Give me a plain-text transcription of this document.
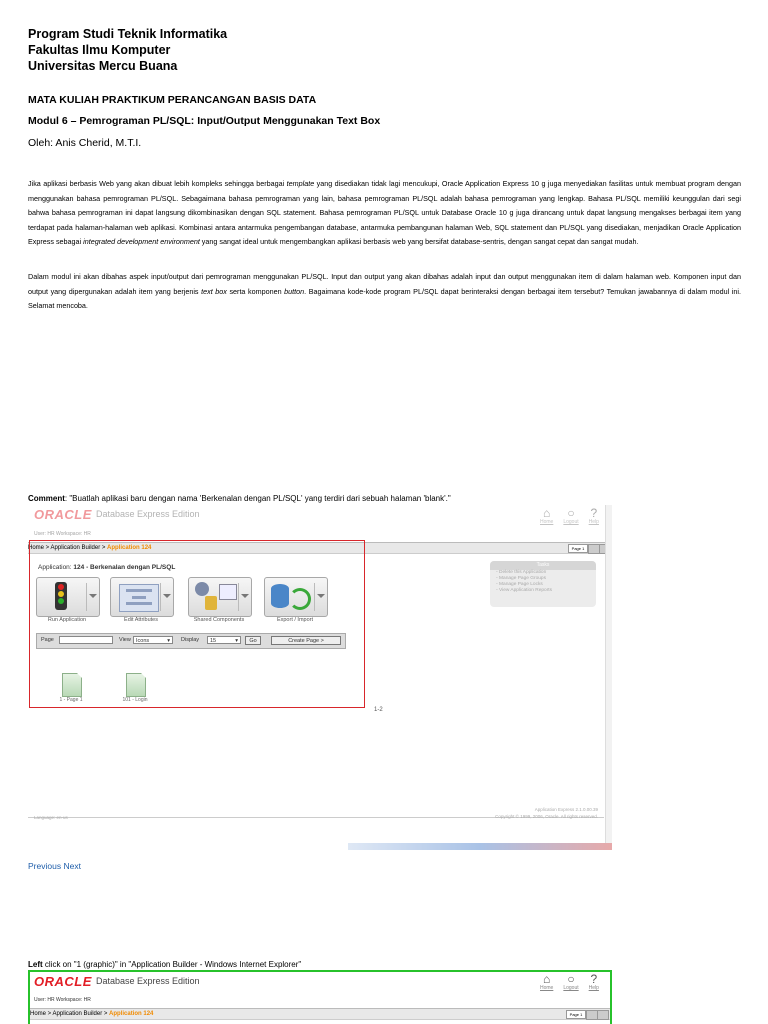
Program Studi Teknik Informatika
Fakultas Ilmu Komputer
Universitas Mercu Buana
MATA KULIAH PRAKTIKUM PERANCANGAN BASIS DATA
Modul 6 – Pemrograman PL/SQL: Input/Output Menggunakan Text Box
Oleh: Anis Cherid, M.T.I.
Jika aplikasi berbasis Web yang akan dibuat lebih kompleks sehingga berbagai template yang disediakan tidak lagi mencukupi, Oracle Application Express 10 g juga menyediakan fasilitas untuk membuat program dengan menggunakan bahasa pemrograman PL/SQL. Sebagaimana bahasa pemrograman yang lain, bahasa pemrograman PL/SQL adalah bahasa pemrograman yang lengkap. Bahasa PL/SQL memiliki keunggulan dari segi bahwa bahasa pemrograman ini dapat langsung dikombinasikan dengan SQL statement. Bahasa pemrograman PL/SQL untuk Database Oracle 10 g juga dirancang untuk dapat langsung mengakses berbagai item yang terdapat pada halaman-halaman web aplikasi. Kombinasi antara antarmuka pengembangan database, antarmuka pembangunan halaman Web, SQL statement dan PL/SQL yang disediakan, menjadikan Oracle Application Express sebagai integrated development environment yang sangat ideal untuk mengembangkan aplikasi berbasis web yang bersifat database-sentris, dengan sangat cepat dan sangat mudah.
Dalam modul ini akan dibahas aspek input/output dari pemrograman menggunakan PL/SQL. Input dan output yang akan dibahas adalah input dan output menggunakan item di dalam halaman web. Komponen input dan output yang dipergunakan adalah item yang berjenis text box serta komponen button. Bagaimana kode-kode program PL/SQL dapat berinteraksi dengan berbagai item tersebut? Temukan jawabannya di dalam modul ini. Selamat mencoba.
Comment: "Buatlah aplikasi baru dengan nama 'Berkenalan dengan PL/SQL' yang terdiri dari sebuah halaman 'blank'."
ORACLE Database Express Edition	⌂
Home
○
Logout
?
Help
User: HR Workspace: HR
Home > Application Builder > Application 124	Page 1
Application: 124 - Berkenalan dengan PL/SQL
Run Application	Edit Attributes	Shared Components	Export / Import
Page	View Icons	▾ Display	15	▾	Go	Create Page >
1 - Page 1	101 - Login
1-2
Tasks
◦ Delete this Application
◦ Manage Page Groups
◦ Manage Page Locks
◦ View Application Reports
Language: en-us
Application Express 2.1.0.00.39
Copyright © 1999, 2006, Oracle. All rights reserved.
Previous Next
Left click on "1 (graphic)" in "Application Builder - Windows Internet Explorer"
ORACLE Database Express Edition	⌂
Home
○
Logout
?
Help
User: HR Workspace: HR
Home > Application Builder > Application 124	Page 1
